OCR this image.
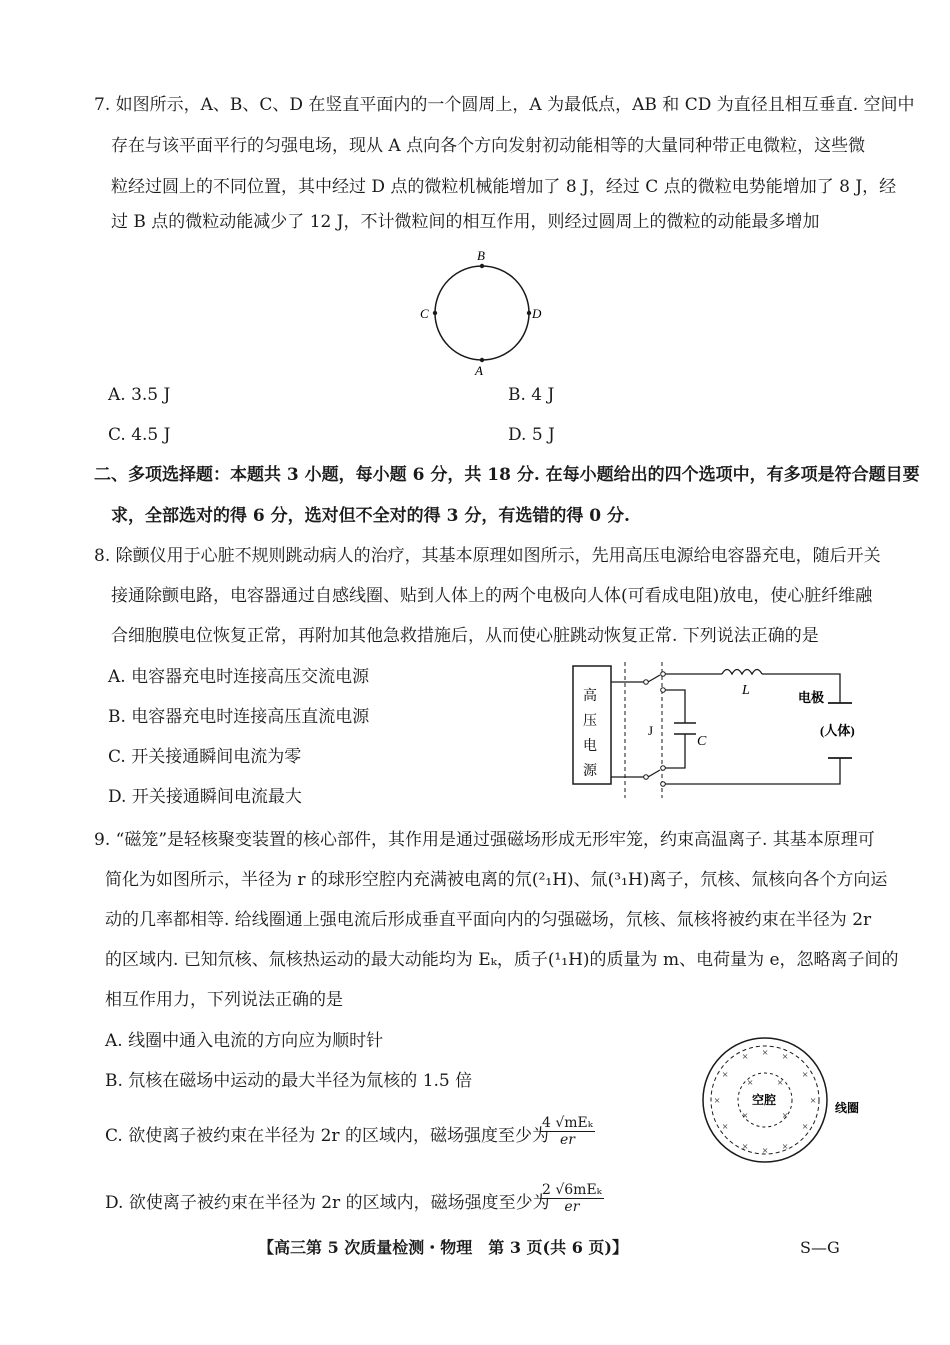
7. 如图所示，A、B、C、D 在竖直平面内的一个圆周上，A 为最低点，AB 和 CD 为直径且相互垂直. 空间中
存在与该平面平行的匀强电场，现从 A 点向各个方向发射初动能相等的大量同种带正电微粒，这些微
粒经过圆上的不同位置，其中经过 D 点的微粒机械能增加了 8 J，经过 C 点的微粒电势能增加了 8 J，经
过 B 点的微粒动能减少了 12 J，不计微粒间的相互作用，则经过圆周上的微粒的动能最多增加
B
A
C	D
A. 3.5 J	B. 4 J
C. 4.5 J	D. 5 J
二、多项选择题：本题共 3 小题，每小题 6 分，共 18 分. 在每小题给出的四个选项中，有多项是符合题目要
求，全部选对的得 6 分，选对但不全对的得 3 分，有选错的得 0 分.
8. 除颤仪用于心脏不规则跳动病人的治疗，其基本原理如图所示，先用高压电源给电容器充电，随后开关
接通除颤电路，电容器通过自感线圈、贴到人体上的两个电极向人体(可看成电阻)放电，使心脏纤维融
合细胞膜电位恢复正常，再附加其他急救措施后，从而使心脏跳动恢复正常. 下列说法正确的是
A. 电容器充电时连接高压交流电源
B. 电容器充电时连接高压直流电源
C. 开关接通瞬间电流为零
D. 开关接通瞬间电流最大
高
压
电
源
J
C
L	电极
(人体)
9. “磁笼”是轻核聚变装置的核心部件，其作用是通过强磁场形成无形牢笼，约束高温离子. 其基本原理可
简化为如图所示，半径为 r 的球形空腔内充满被电离的氘(²₁H)、氚(³₁H)离子，氘核、氚核向各个方向运
动的几率都相等. 给线圈通上强电流后形成垂直平面向内的匀强磁场，氘核、氚核将被约束在半径为 2r
的区域内. 已知氘核、氚核热运动的最大动能均为 Eₖ，质子(¹₁H)的质量为 m、电荷量为 e，忽略离子间的
相互作用力，下列说法正确的是
A. 线圈中通入电流的方向应为顺时针
B. 氘核在磁场中运动的最大半径为氚核的 1.5 倍
C. 欲使离子被约束在半径为 2r 的区域内，磁场强度至少为
4 √mEₖ
er
D. 欲使离子被约束在半径为 2r 的区域内，磁场强度至少为
2 √6mEₖ
er
× × ×
×	×
×	×
×	×
× × ×
× ×
×	×
空腔
线圈
【高三第 5 次质量检测・物理　第 3 页(共 6 页)】	S—G
